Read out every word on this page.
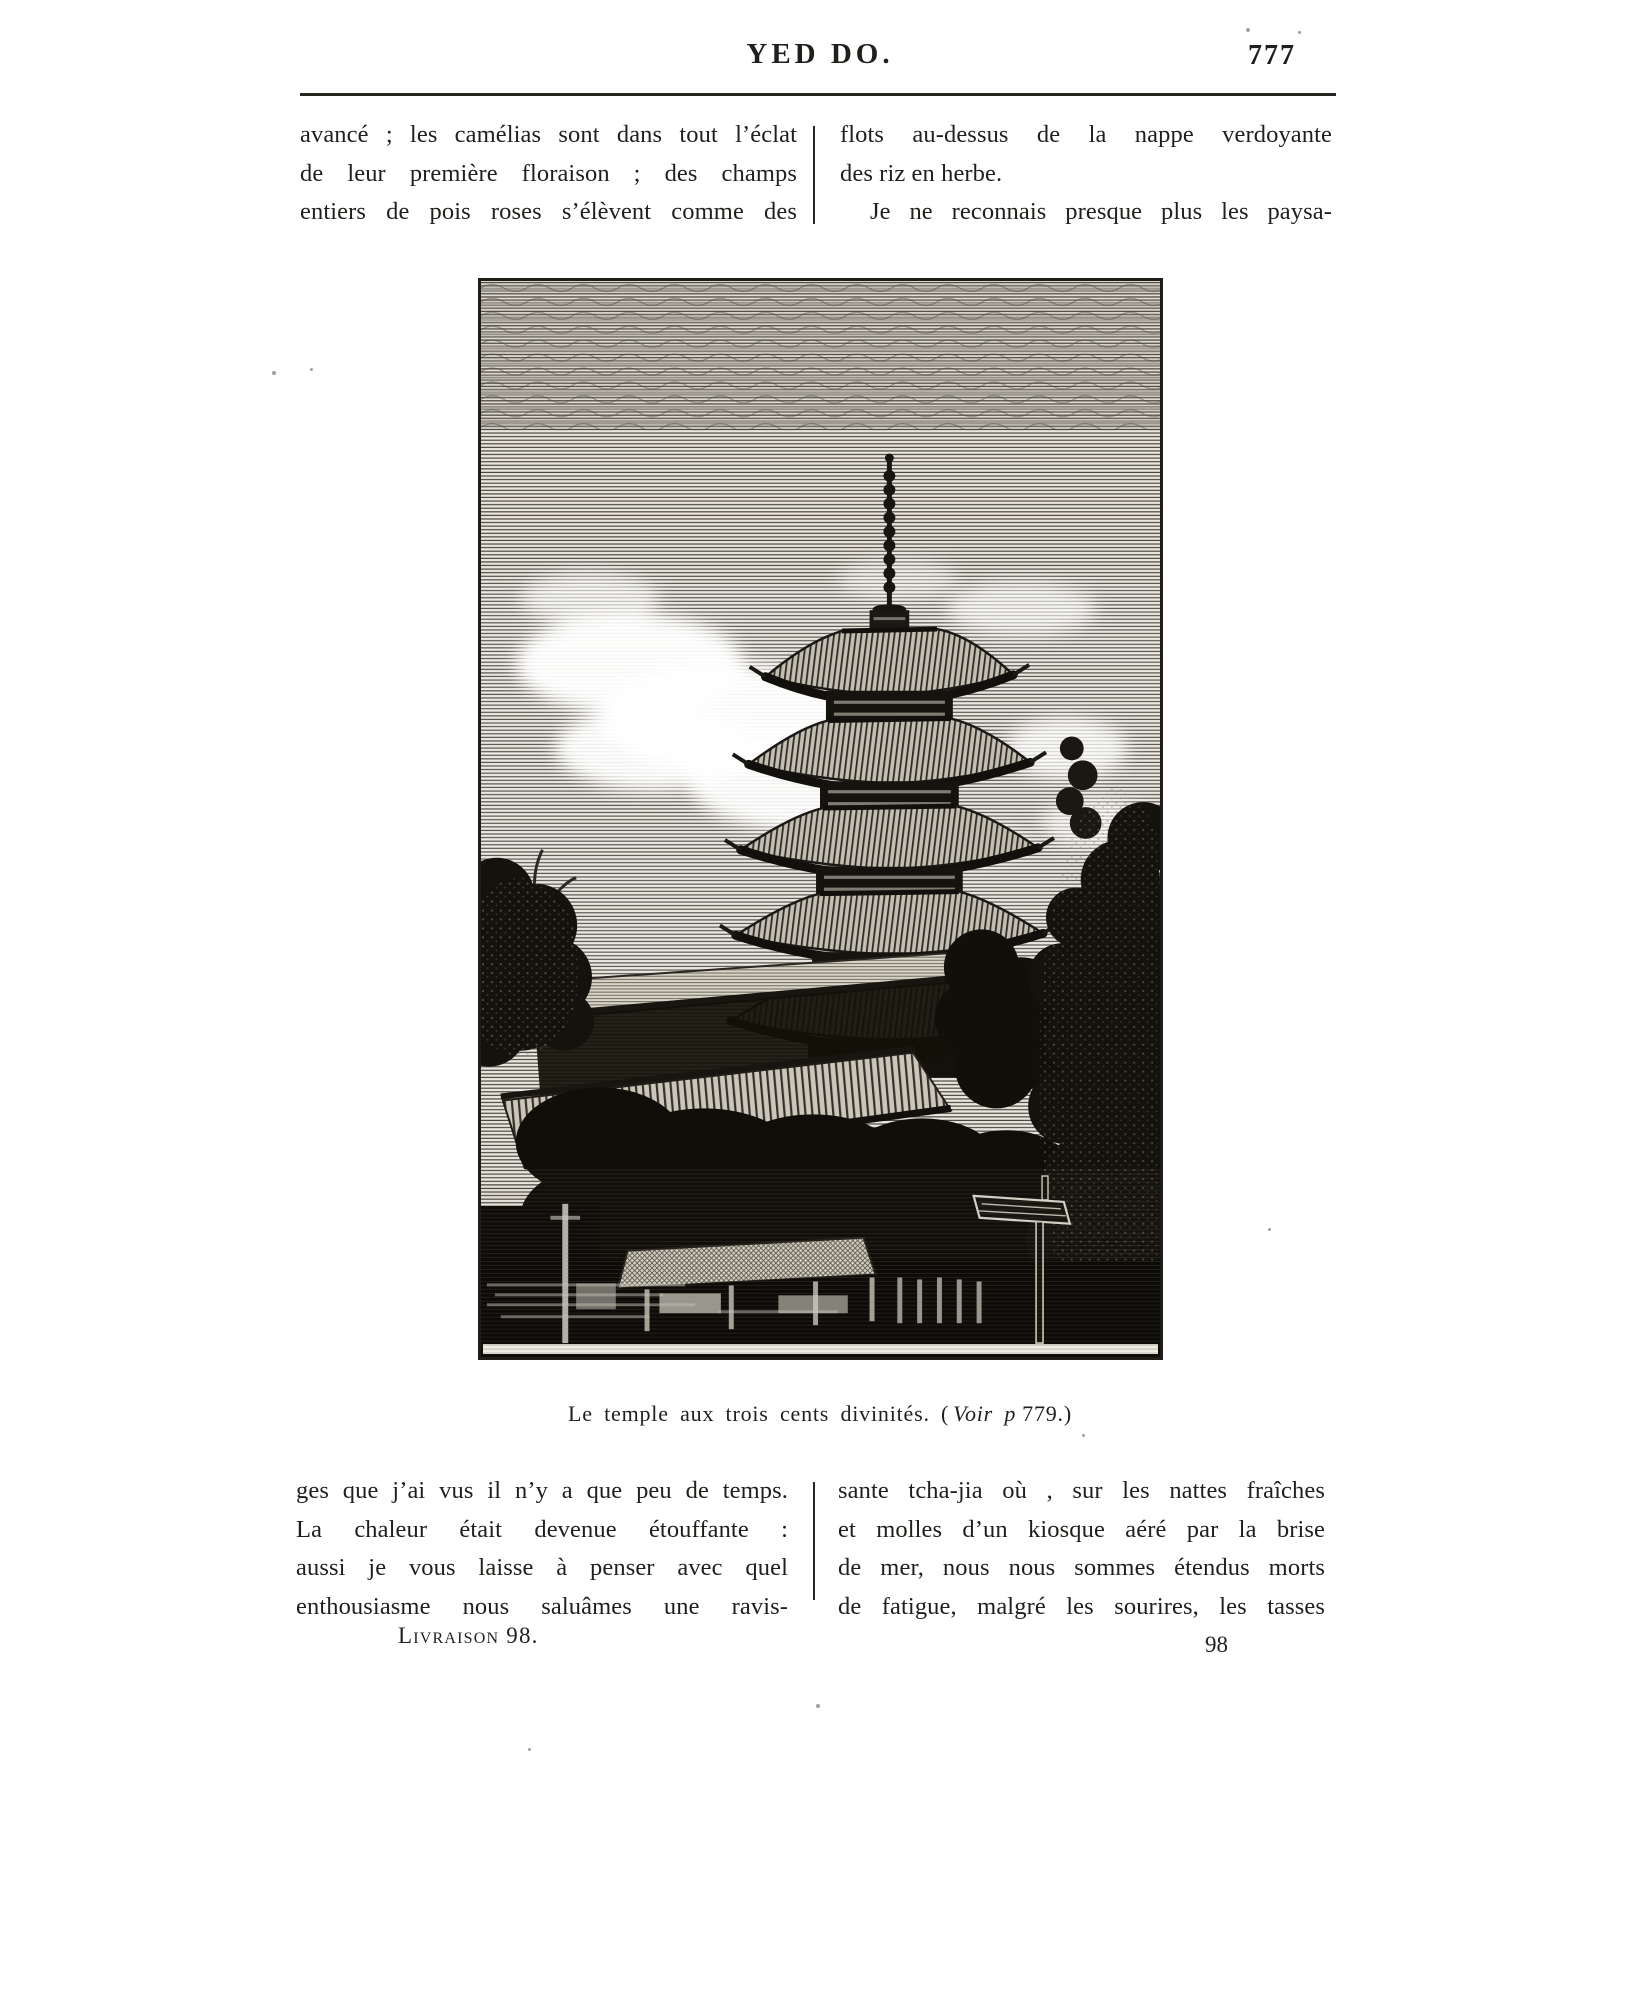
YED DO.	777
avancé ; les camélias sont dans tout l’éclat
de leur première floraison ; des champs
entiers de pois roses s’élèvent comme des
flots au-dessus de la nappe verdoyante
des riz en herbe.
Je ne reconnais presque plus les paysa-
Le temple aux trois cents divinités. ( Voir p 779.)
ges que j’ai vus il n’y a que peu de temps.
La chaleur était devenue étouffante :
aussi je vous laisse à penser avec quel
enthousiasme nous saluâmes une ravis-
sante tcha-jia où , sur les nattes fraîches
et molles d’un kiosque aéré par la brise
de mer, nous nous sommes étendus morts
de fatigue, malgré les sourires, les tasses
Livraison 98.	98
